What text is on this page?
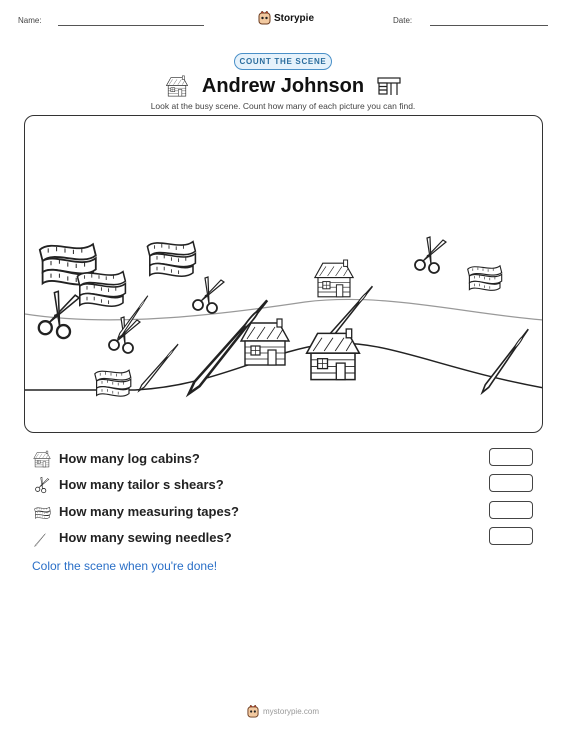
Name:	Storypie	Date:
COUNT THE SCENE
Andrew Johnson
Look at the busy scene. Count how many of each picture you can find.
How many log cabins?
How many tailor s shears?
How many measuring tapes?
How many sewing needles?
Color the scene when you're done!
mystorypie.com
